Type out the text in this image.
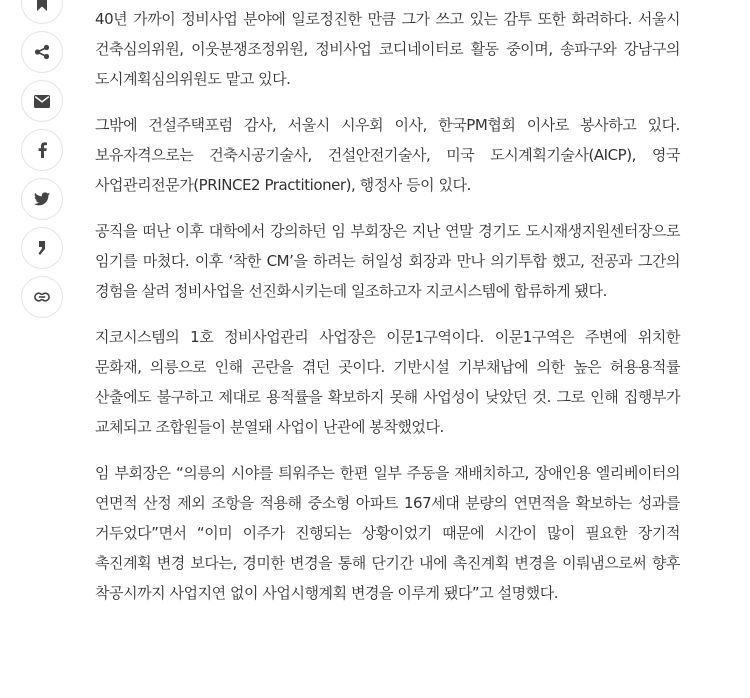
40년 가까이 정비사업 분야에 일로정진한 만큼 그가 쓰고 있는 감투 또한 화려하다. 서울시 건축심의위원, 이웃분쟁조정위원, 정비사업 코디네이터로 활동 중이며, 송파구와 강남구의 도시계획심의위원도 맡고 있다.

그밖에 건설주택포럼 감사, 서울시 시우회 이사, 한국PM협회 이사로 봉사하고 있다. 보유자격으로는 건축시공기술사, 건설안전기술사, 미국 도시계획기술사(AICP), 영국 사업관리전문가(PRINCE2 Practitioner), 행정사 등이 있다.

공직을 떠난 이후 대학에서 강의하던 임 부회장은 지난 연말 경기도 도시재생지원센터장으로 임기를 마쳤다. 이후 ‘착한 CM’을 하려는 허일성 회장과 만나 의기투합 했고, 전공과 그간의 경험을 살려 정비사업을 선진화시키는데 일조하고자 지코시스템에 합류하게 됐다.

지코시스템의 1호 정비사업관리 사업장은 이문1구역이다. 이문1구역은 주변에 위치한 문화재, 의릉으로 인해 곤란을 겪던 곳이다. 기반시설 기부채납에 의한 높은 허용용적률 산출에도 불구하고 제대로 용적률을 확보하지 못해 사업성이 낮았던 것. 그로 인해 집행부가 교체되고 조합원들이 분열돼 사업이 난관에 봉착했었다.

임 부회장은 “의릉의 시야를 틔워주는 한편 일부 주동을 재배치하고, 장애인용 엘리베이터의 연면적 산정 제외 조항을 적용해 중소형 아파트 167세대 분량의 연면적을 확보하는 성과를 거두었다”면서 “이미 이주가 진행되는 상황이었기 때문에 시간이 많이 필요한 장기적 촉진계획 변경 보다는, 경미한 변경을 통해 단기간 내에 촉진계획 변경을 이뤄냄으로써 향후 착공시까지 사업지연 없이 사업시행계획 변경을 이루게 됐다”고 설명했다.
